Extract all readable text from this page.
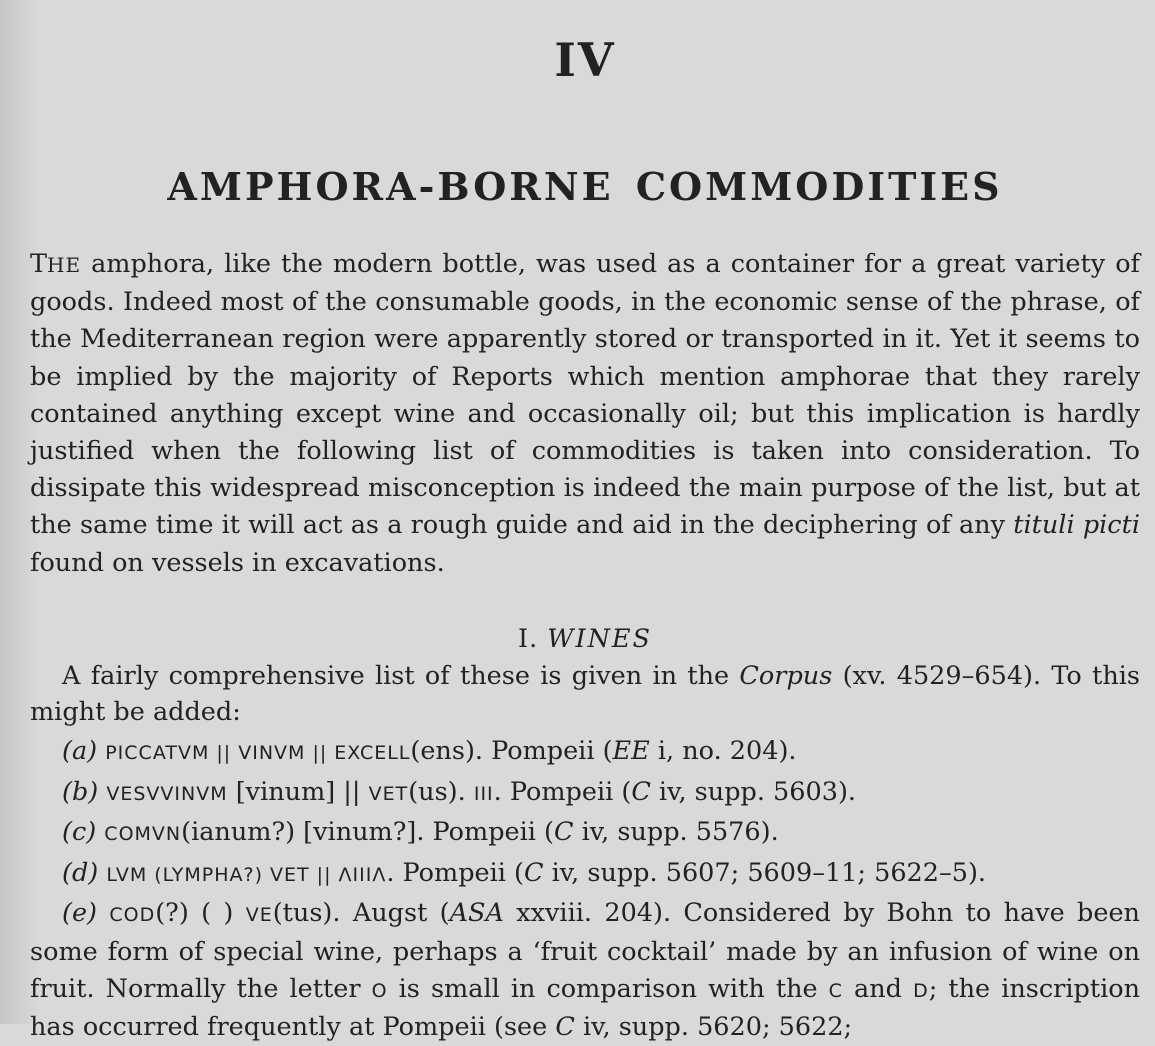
IV
AMPHORA-BORNE COMMODITIES

THE amphora, like the modern bottle, was used as a container for a great variety of goods. Indeed most of the consumable goods, in the economic sense of the phrase, of the Mediterranean region were apparently stored or transported in it. Yet it seems to be implied by the majority of Reports which mention amphorae that they rarely contained anything except wine and occasionally oil; but this implication is hardly justified when the following list of commodities is taken into consideration. To dissipate this widespread misconception is indeed the main purpose of the list, but at the same time it will act as a rough guide and aid in the deciphering of any tituli picti found on vessels in excavations.

I. WINES

A fairly comprehensive list of these is given in the Corpus (xv. 4529–654). To this might be added:

(a) PICCATVM || VINVM || EXCELL(ens). Pompeii (EE i, no. 204).

(b) VESVVINVM [vinum] || VET(us). III. Pompeii (C iv, supp. 5603).

(c) COMVN(ianum?) [vinum?]. Pompeii (C iv, supp. 5576).

(d) LVM (LYMPHA?) VET || ΛIIIΛ. Pompeii (C iv, supp. 5607; 5609–11; 5622–5).

(e) COD(?) ( ) VE(tus). Augst (ASA xxviii. 204). Considered by Bohn to have been some form of special wine, perhaps a ‘fruit cocktail’ made by an infusion of wine on fruit. Normally the letter O is small in comparison with the C and D; the inscription has occurred frequently at Pompeii (see C iv, supp. 5620; 5622;
